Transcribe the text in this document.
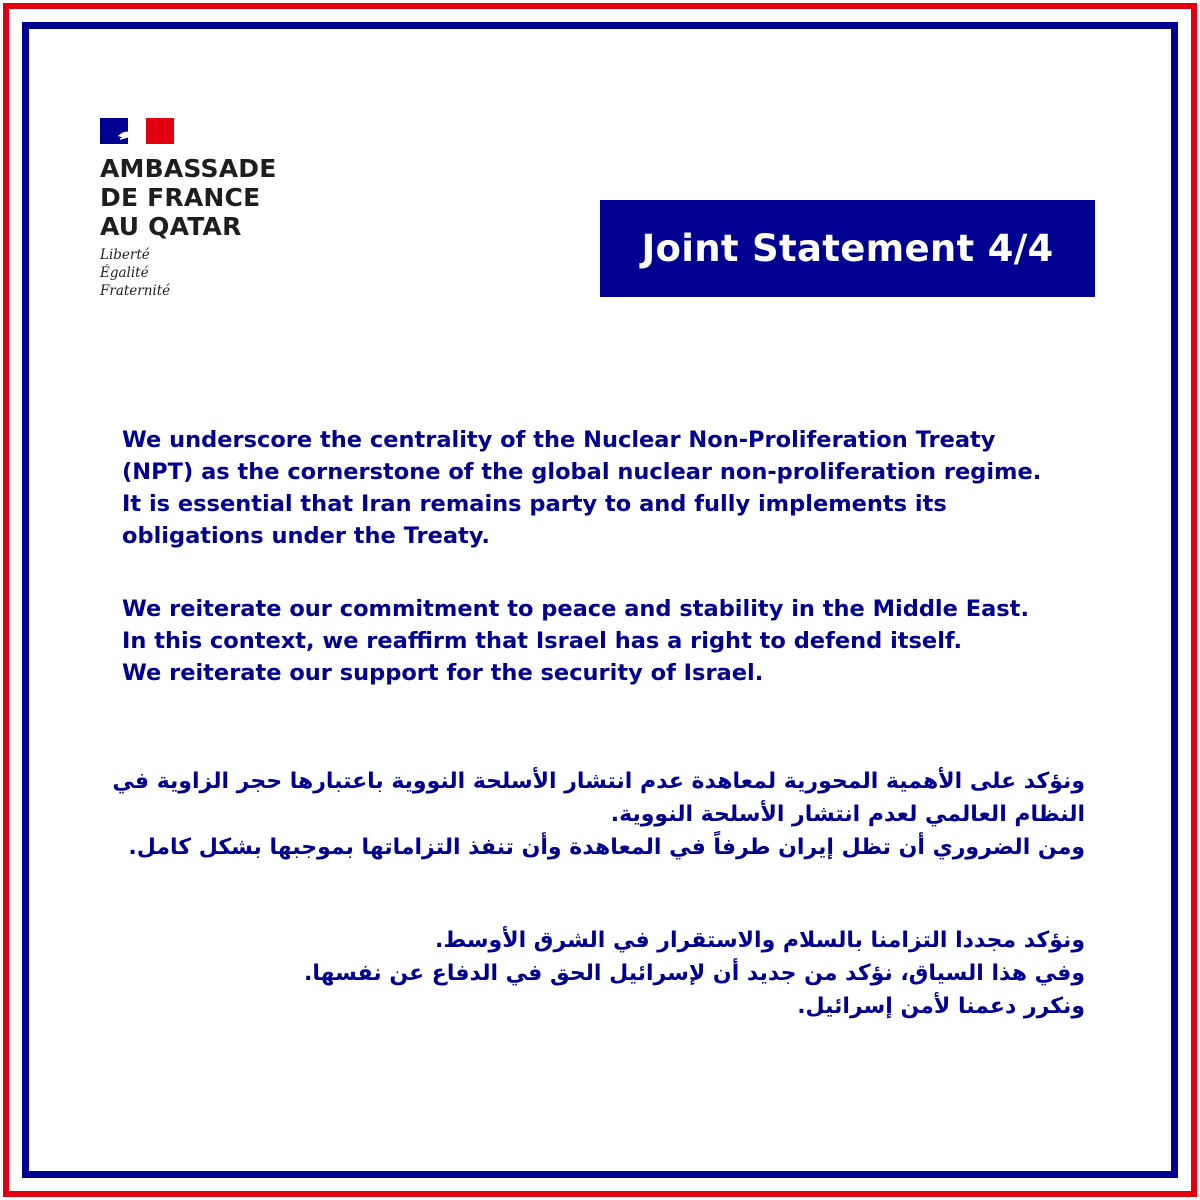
AMBASSADE
DE FRANCE
AU QATAR
Liberté
Égalité
Fraternité
Joint Statement 4/4
We underscore the centrality of the Nuclear Non-Proliferation Treaty
(NPT) as the cornerstone of the global nuclear non-proliferation regime.
It is essential that Iran remains party to and fully implements its
obligations under the Treaty.
We reiterate our commitment to peace and stability in the Middle East.
In this context, we reaffirm that Israel has a right to defend itself.
We reiterate our support for the security of Israel.
ونؤكد على الأهمية المحورية لمعاهدة عدم انتشار الأسلحة النووية باعتبارها حجر الزاوية في
النظام العالمي لعدم انتشار الأسلحة النووية.
ومن الضروري أن تظل إيران طرفاً في المعاهدة وأن تنفذ التزاماتها بموجبها بشكل كامل.
ونؤكد مجددا التزامنا بالسلام والاستقرار في الشرق الأوسط.
وفي هذا السياق، نؤكد من جديد أن لإسرائيل الحق في الدفاع عن نفسها.
ونكرر دعمنا لأمن إسرائيل.
